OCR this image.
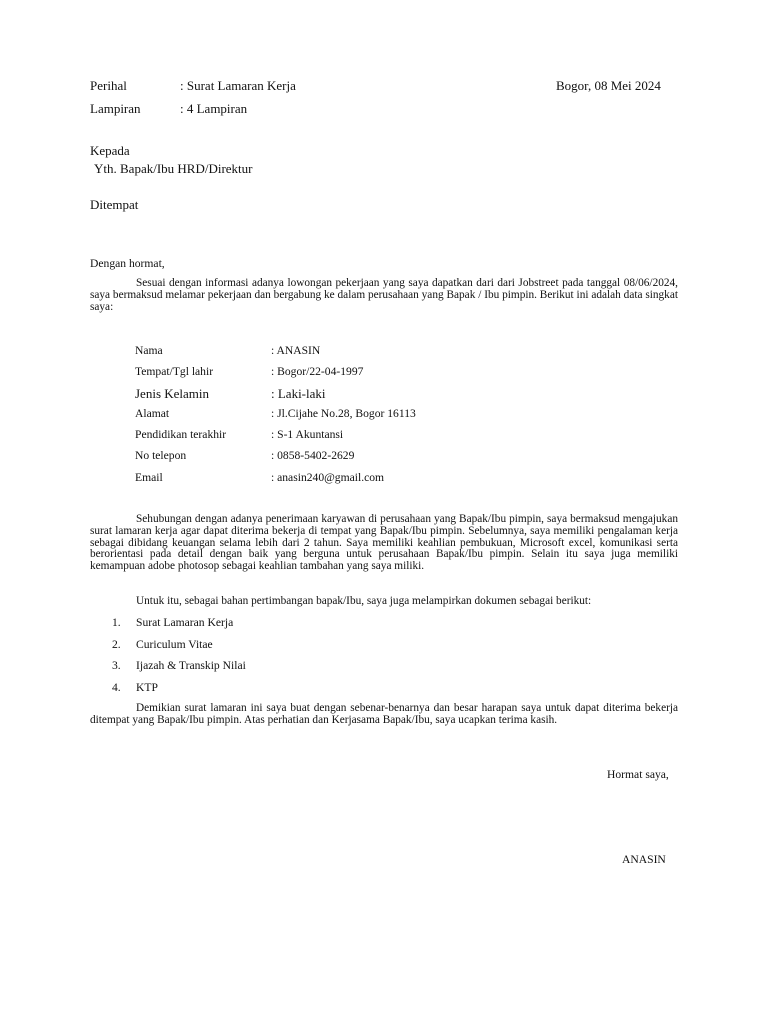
Perihal	: Surat Lamaran Kerja	Bogor, 08 Mei 2024
Lampiran	: 4 Lampiran
Kepada
Yth. Bapak/Ibu HRD/Direktur
Ditempat
Dengan hormat,
Sesuai dengan informasi adanya lowongan pekerjaan yang saya dapatkan dari dari Jobstreet pada tanggal 08/06/2024, saya bermaksud melamar pekerjaan dan bergabung ke dalam perusahaan yang Bapak / Ibu pimpin. Berikut ini adalah data singkat saya:
Nama	: ANASIN
Tempat/Tgl lahir	: Bogor/22-04-1997
Jenis Kelamin	: Laki-laki
Alamat	: Jl.Cijahe No.28, Bogor 16113
Pendidikan terakhir	: S-1 Akuntansi
No telepon	: 0858-5402-2629
Email	: anasin240@gmail.com
Sehubungan dengan adanya penerimaan karyawan di perusahaan yang Bapak/Ibu pimpin, saya bermaksud mengajukan surat lamaran kerja agar dapat diterima bekerja di tempat yang Bapak/Ibu pimpin. Sebelumnya, saya memiliki pengalaman kerja sebagai dibidang keuangan selama lebih dari 2 tahun. Saya memiliki keahlian pembukuan, Microsoft excel, komunikasi serta berorientasi pada detail dengan baik yang berguna untuk perusahaan Bapak/Ibu pimpin. Selain itu saya juga memiliki kemampuan adobe photosop sebagai keahlian tambahan yang saya miliki.
Untuk itu, sebagai bahan pertimbangan bapak/Ibu, saya juga melampirkan dokumen sebagai berikut:
1. Surat Lamaran Kerja
2. Curiculum Vitae
3. Ijazah & Transkip Nilai
4. KTP
Demikian surat lamaran ini saya buat dengan sebenar-benarnya dan besar harapan saya untuk dapat diterima bekerja ditempat yang Bapak/Ibu pimpin. Atas perhatian dan Kerjasama Bapak/Ibu, saya ucapkan terima kasih.
Hormat saya,
ANASIN
